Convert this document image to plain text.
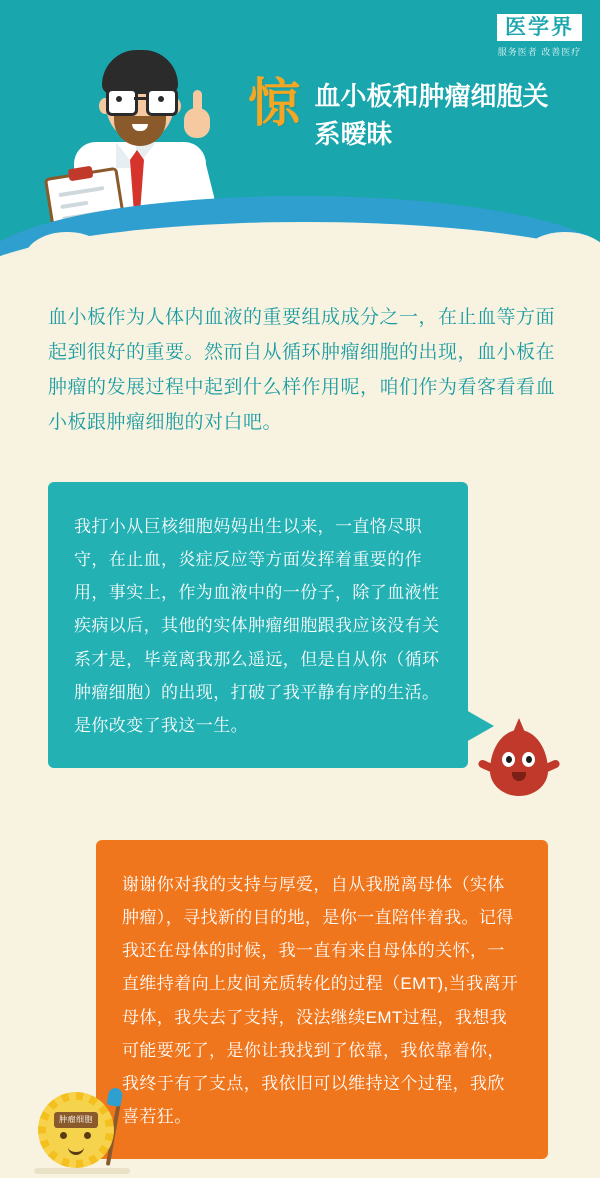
医学界
服务医者 改善医疗
惊 血小板和肿瘤细胞关系暧昧
血小板作为人体内血液的重要组成成分之一，在止血等方面起到很好的重要。然而自从循环肿瘤细胞的出现，血小板在肿瘤的发展过程中起到什么样作用呢，咱们作为看客看看血小板跟肿瘤细胞的对白吧。
我打小从巨核细胞妈妈出生以来，一直恪尽职守，在止血，炎症反应等方面发挥着重要的作用，事实上，作为血液中的一份子，除了血液性疾病以后，其他的实体肿瘤细胞跟我应该没有关系才是，毕竟离我那么遥远，但是自从你（循环肿瘤细胞）的出现，打破了我平静有序的生活。是你改变了我这一生。
谢谢你对我的支持与厚爱，自从我脱离母体（实体肿瘤），寻找新的目的地，是你一直陪伴着我。记得我还在母体的时候，我一直有来自母体的关怀，一直维持着向上皮间充质转化的过程（EMT),当我离开母体，我失去了支持，没法继续EMT过程，我想我可能要死了，是你让我找到了依靠，我依靠着你，我终于有了支点，我依旧可以维持这个过程，我欣喜若狂。
肿瘤细胞
